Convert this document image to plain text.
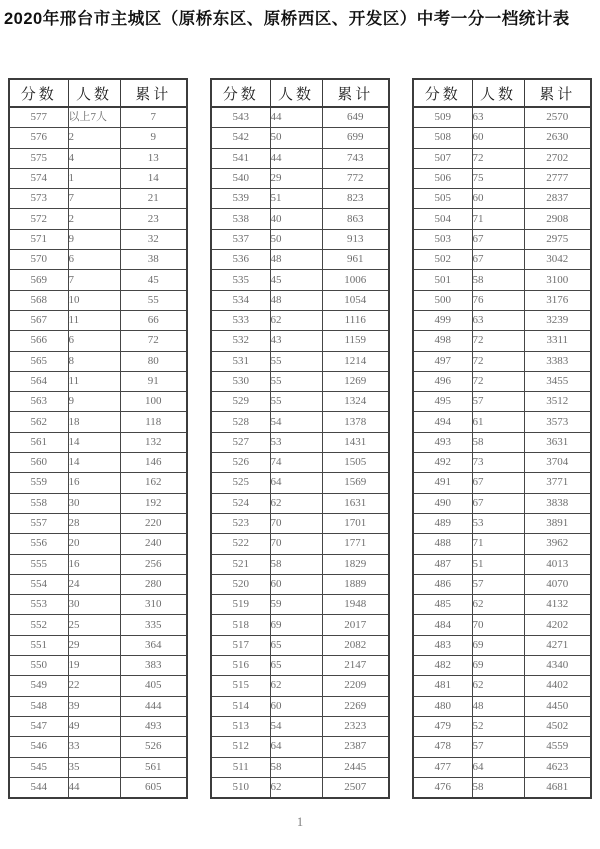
2020年邢台市主城区（原桥东区、原桥西区、开发区）中考一分一档统计表
分数	人数	累计
577	以上7人	7
576	2	9
575	4	13
574	1	14
573	7	21
572	2	23
571	9	32
570	6	38
569	7	45
568	10	55
567	11	66
566	6	72
565	8	80
564	11	91
563	9	100
562	18	118
561	14	132
560	14	146
559	16	162
558	30	192
557	28	220
556	20	240
555	16	256
554	24	280
553	30	310
552	25	335
551	29	364
550	19	383
549	22	405
548	39	444
547	49	493
546	33	526
545	35	561
544	44	605
分数	人数	累计
543	44	649
542	50	699
541	44	743
540	29	772
539	51	823
538	40	863
537	50	913
536	48	961
535	45	1006
534	48	1054
533	62	1116
532	43	1159
531	55	1214
530	55	1269
529	55	1324
528	54	1378
527	53	1431
526	74	1505
525	64	1569
524	62	1631
523	70	1701
522	70	1771
521	58	1829
520	60	1889
519	59	1948
518	69	2017
517	65	2082
516	65	2147
515	62	2209
514	60	2269
513	54	2323
512	64	2387
511	58	2445
510	62	2507
分数	人数	累计
509	63	2570
508	60	2630
507	72	2702
506	75	2777
505	60	2837
504	71	2908
503	67	2975
502	67	3042
501	58	3100
500	76	3176
499	63	3239
498	72	3311
497	72	3383
496	72	3455
495	57	3512
494	61	3573
493	58	3631
492	73	3704
491	67	3771
490	67	3838
489	53	3891
488	71	3962
487	51	4013
486	57	4070
485	62	4132
484	70	4202
483	69	4271
482	69	4340
481	62	4402
480	48	4450
479	52	4502
478	57	4559
477	64	4623
476	58	4681
1
